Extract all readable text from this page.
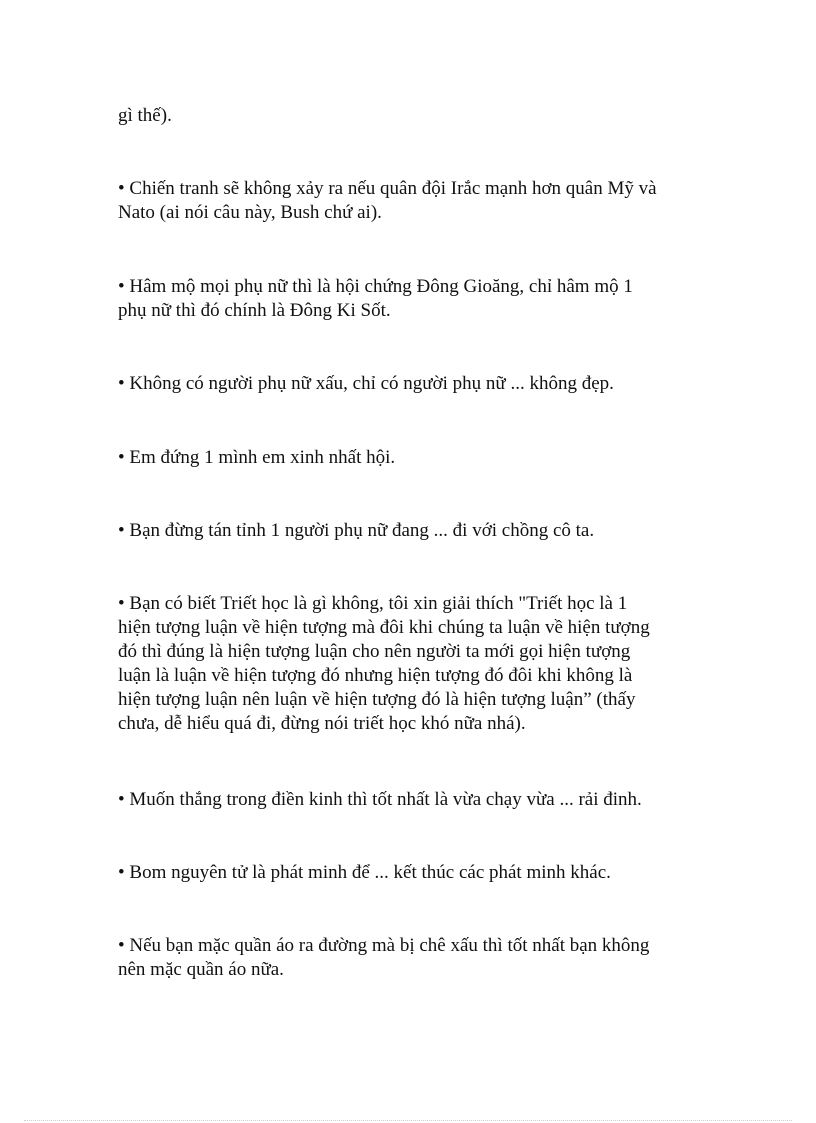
gì thế).

• Chiến tranh sẽ không xảy ra nếu quân đội Irắc mạnh hơn quân Mỹ và
Nato (ai nói câu này, Bush chứ ai).

• Hâm mộ mọi phụ nữ thì là hội chứng Đông Gioăng, chỉ hâm mộ 1
phụ nữ thì đó chính là Đông Ki Sốt.

• Không có người phụ nữ xấu, chỉ có người phụ nữ ... không đẹp.

• Em đứng 1 mình em xinh nhất hội.

• Bạn đừng tán tỉnh 1 người phụ nữ đang ... đi với chồng cô ta.

• Bạn có biết Triết học là gì không, tôi xin giải thích "Triết học là 1
hiện tượng luận về hiện tượng mà đôi khi chúng ta luận về hiện tượng
đó thì đúng là hiện tượng luận cho nên người ta mới gọi hiện tượng
luận là luận về hiện tượng đó nhưng hiện tượng đó đôi khi không là
hiện tượng luận nên luận về hiện tượng đó là hiện tượng luận” (thấy
chưa, dễ hiểu quá đi, đừng nói triết học khó nữa nhá).

• Muốn thắng trong điền kinh thì tốt nhất là vừa chạy vừa ... rải đinh.

• Bom nguyên tử là phát minh để ... kết thúc các phát minh khác.

• Nếu bạn mặc quần áo ra đường mà bị chê xấu thì tốt nhất bạn không
nên mặc quần áo nữa.
